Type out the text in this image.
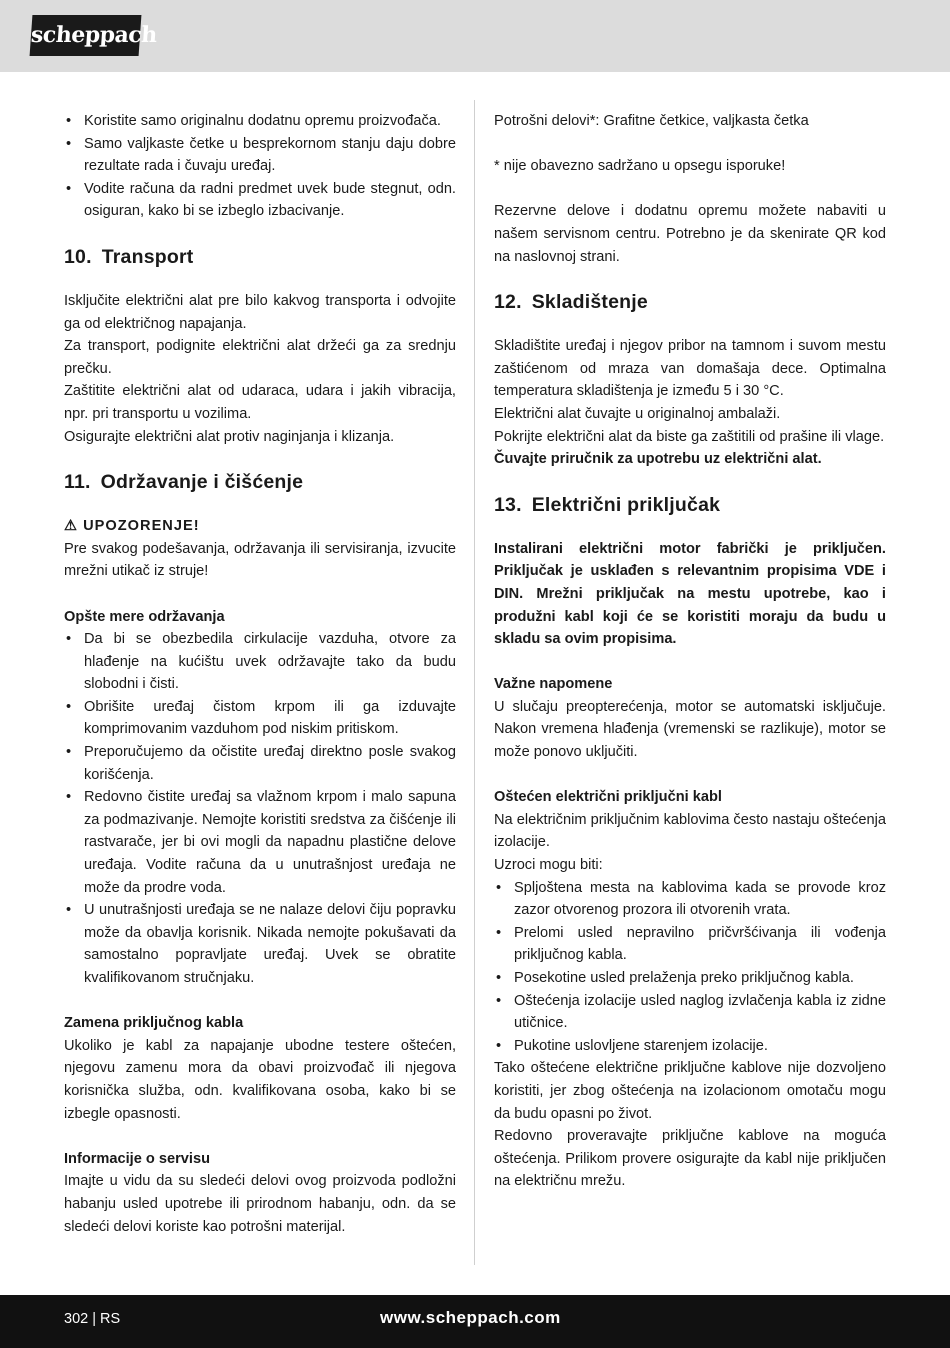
scheppach
• Koristite samo originalnu dodatnu opremu proizvođača.
• Samo valjkaste četke u besprekornom stanju daju dobre rezultate rada i čuvaju uređaj.
• Vodite računa da radni predmet uvek bude stegnut, odn. osiguran, kako bi se izbeglo izbacivanje.
10. Transport

Isključite električni alat pre bilo kakvog transporta i odvojite ga od električnog napajanja.

Za transport, podignite električni alat držeći ga za srednju prečku.

Zaštitite električni alat od udaraca, udara i jakih vibracija, npr. pri transportu u vozilima.

Osigurajte električni alat protiv naginjanja i klizanja.

11. Održavanje i čišćenje

⚠ UPOZORENJE!

Pre svakog podešavanja, održavanja ili servisiranja, izvucite mrežni utikač iz struje!

Opšte mere održavanja

• Da bi se obezbedila cirkulacije vazduha, otvore za hlađenje na kućištu uvek održavajte tako da budu slobodni i čisti.
• Obrišite uređaj čistom krpom ili ga izduvajte komprimovanim vazduhom pod niskim pritiskom.
• Preporučujemo da očistite uređaj direktno posle svakog korišćenja.
• Redovno čistite uređaj sa vlažnom krpom i malo sapuna za podmazivanje. Nemojte koristiti sredstva za čišćenje ili rastvarače, jer bi ovi mogli da napadnu plastične delove uređaja. Vodite računa da u unutrašnjost uređaja ne može da prodre voda.
• U unutrašnjosti uređaja se ne nalaze delovi čiju popravku može da obavlja korisnik. Nikada nemojte pokušavati da samostalno popravljate uređaj. Uvek se obratite kvalifikovanom stručnjaku.

Zamena priključnog kabla

Ukoliko je kabl za napajanje ubodne testere oštećen, njegovu zamenu mora da obavi proizvođač ili njegova korisnička služba, odn. kvalifikovana osoba, kako bi se izbegle opasnosti.

Informacije o servisu

Imajte u vidu da su sledeći delovi ovog proizvoda podložni habanju usled upotrebe ili prirodnom habanju, odn. da se sledeći delovi koriste kao potrošni materijal.

Potrošni delovi*: Grafitne četkice, valjkasta četka

* nije obavezno sadržano u opsegu isporuke!

Rezervne delove i dodatnu opremu možete nabaviti u našem servisnom centru. Potrebno je da skenirate QR kod na naslovnoj strani.

12. Skladištenje

Skladištite uređaj i njegov pribor na tamnom i suvom mestu zaštićenom od mraza van domašaja dece. Optimalna temperatura skladištenja je između 5 i 30 °C.

Električni alat čuvajte u originalnoj ambalaži.

Pokrijte električni alat da biste ga zaštitili od prašine ili vlage.

Čuvajte priručnik za upotrebu uz električni alat.

13. Električni priključak

Instalirani električni motor fabrički je priključen. Priključak je usklađen s relevantnim propisima VDE i DIN. Mrežni priključak na mestu upotrebe, kao i produžni kabl koji će se koristiti moraju da budu u skladu sa ovim propisima.

Važne napomene

U slučaju preopterećenja, motor se automatski isključuje. Nakon vremena hlađenja (vremenski se razlikuje), motor se može ponovo uključiti.

Oštećen električni priključni kabl

Na električnim priključnim kablovima često nastaju oštećenja izolacije.

Uzroci mogu biti:

• Spljoštena mesta na kablovima kada se provode kroz zazor otvorenog prozora ili otvorenih vrata.
• Prelomi usled nepravilno pričvršćivanja ili vođenja priključnog kabla.
• Posekotine usled prelaženja preko priključnog kabla.
• Oštećenja izolacije usled naglog izvlačenja kabla iz zidne utičnice.
• Pukotine uslovljene starenjem izolacije.

Tako oštećene električne priključne kablove nije dozvoljeno koristiti, jer zbog oštećenja na izolacionom omotaču mogu da budu opasni po život.

Redovno proveravajte priključne kablove na moguća oštećenja. Prilikom provere osigurajte da kabl nije priključen na električnu mrežu.

302 | RS	www.scheppach.com
